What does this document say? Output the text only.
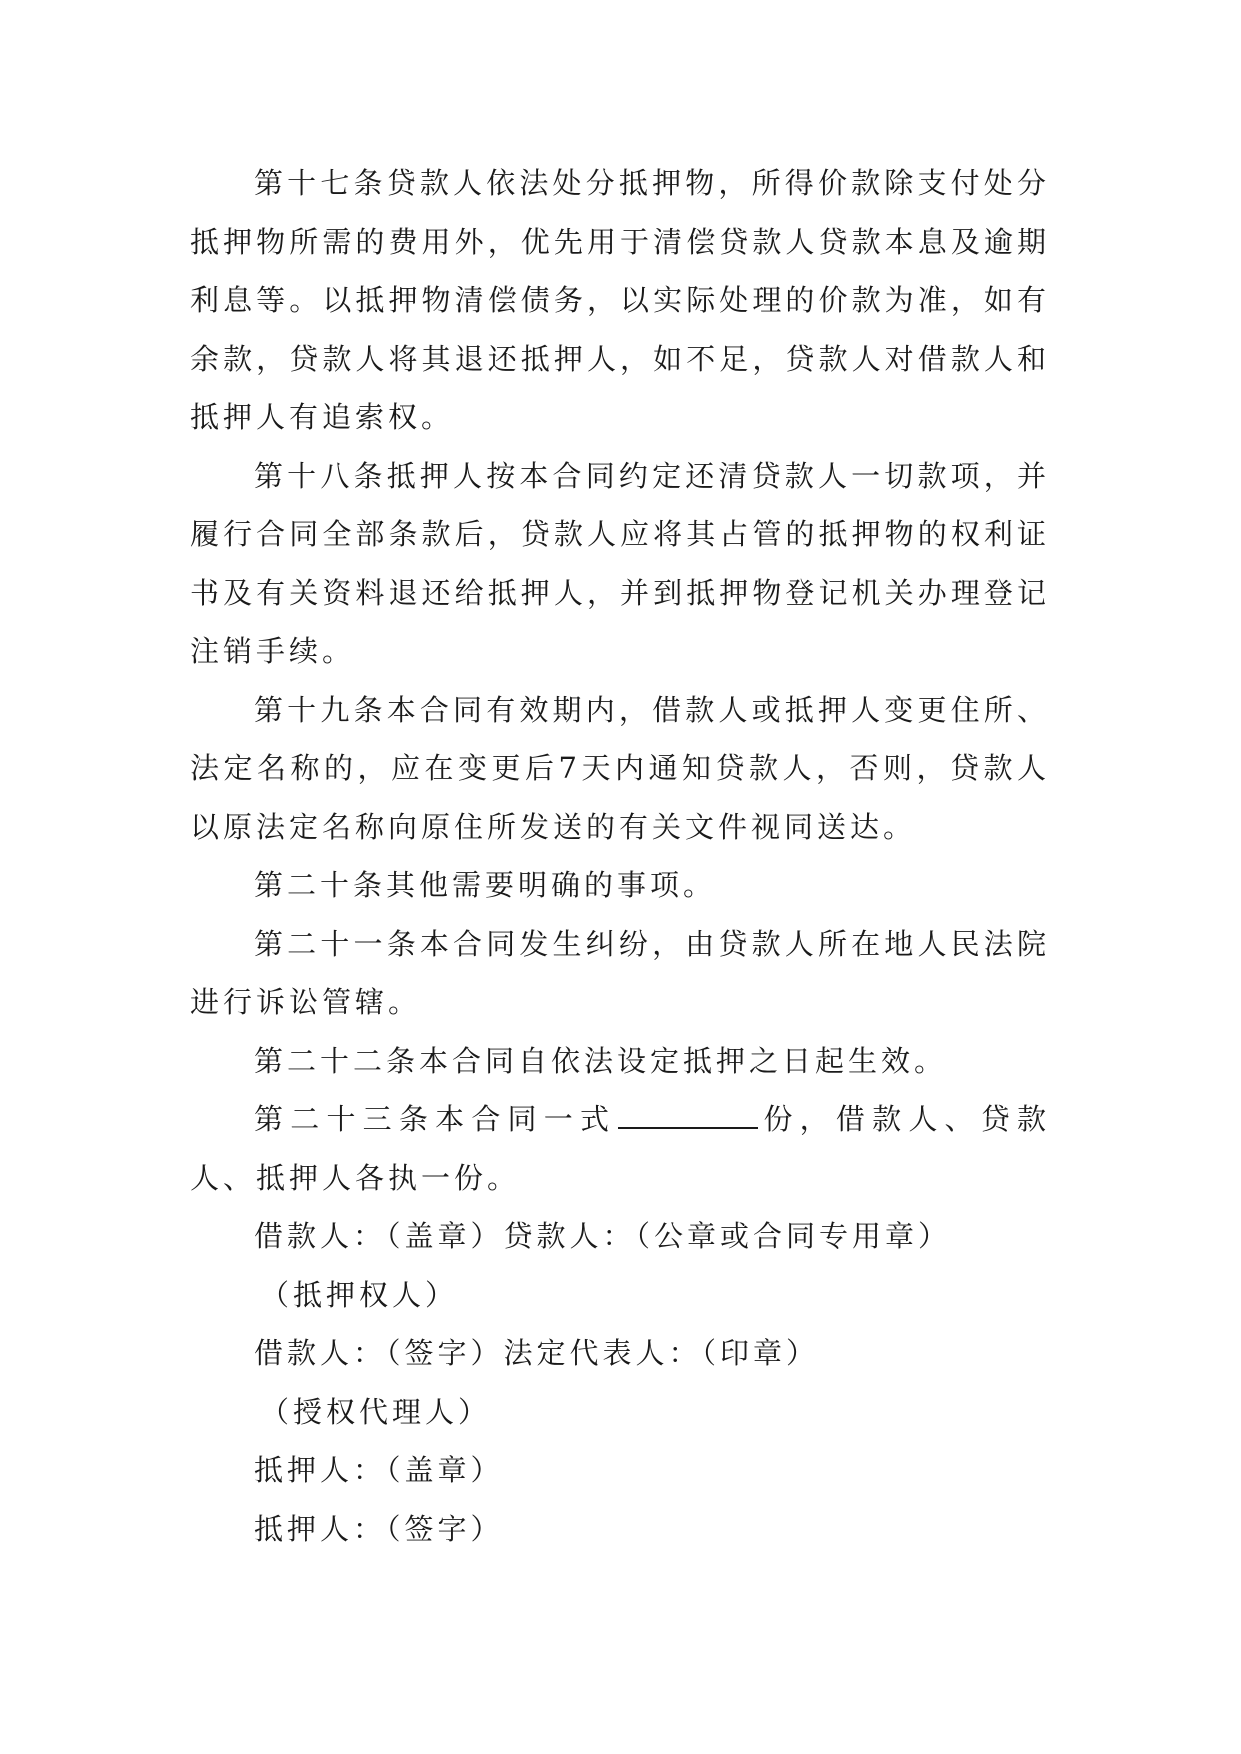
第十七条贷款人依法处分抵押物，所得价款除支付处分抵押物所需的费用外，优先用于清偿贷款人贷款本息及逾期利息等。以抵押物清偿债务，以实际处理的价款为准，如有余款，贷款人将其退还抵押人，如不足，贷款人对借款人和抵押人有追索权。

第十八条抵押人按本合同约定还清贷款人一切款项，并履行合同全部条款后，贷款人应将其占管的抵押物的权利证书及有关资料退还给抵押人，并到抵押物登记机关办理登记注销手续。

第十九条本合同有效期内，借款人或抵押人变更住所、法定名称的，应在变更后7天内通知贷款人，否则，贷款人以原法定名称向原住所发送的有关文件视同送达。

第二十条其他需要明确的事项。

第二十一条本合同发生纠纷，由贷款人所在地人民法院进行诉讼管辖。

第二十二条本合同自依法设定抵押之日起生效。

第二十三条本合同一式	份，借款人、贷款人、抵押人各执一份。

借款人：（盖章）贷款人：（公章或合同专用章）

（抵押权人）

借款人：（签字）法定代表人：（印章）

（授权代理人）

抵押人：（盖章）

抵押人：（签字）
